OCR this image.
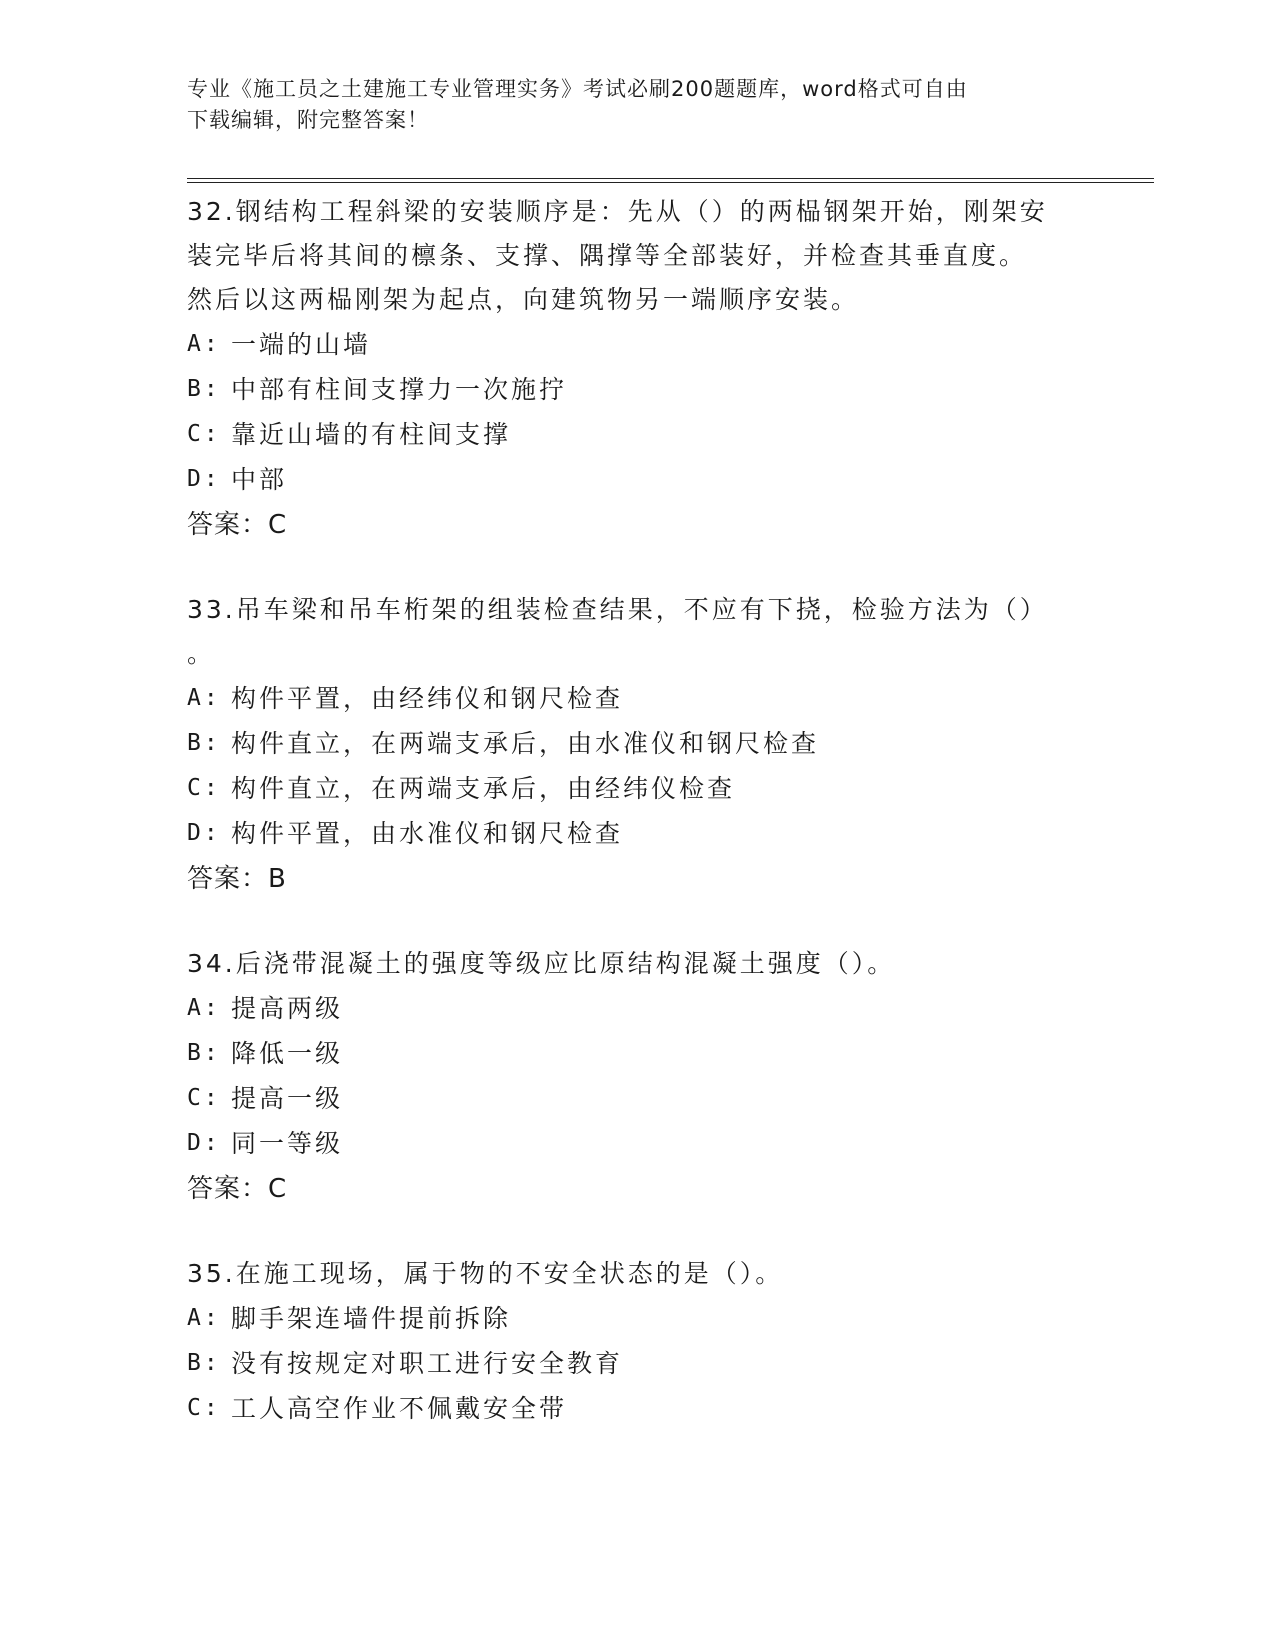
专业《施工员之土建施工专业管理实务》考试必刷200题题库，word格式可自由
下载编辑，附完整答案！

32.钢结构工程斜梁的安装顺序是：先从（）的两榀钢架开始，刚架安
装完毕后将其间的檩条、支撑、隅撑等全部装好，并检查其垂直度。
然后以这两榀刚架为起点，向建筑物另一端顺序安装。

A: 一端的山墙

B: 中部有柱间支撑力一次施拧

C: 靠近山墙的有柱间支撑

D: 中部

答案：C

33.吊车梁和吊车桁架的组装检查结果，不应有下挠，检验方法为（）
。

A: 构件平置，由经纬仪和钢尺检查

B: 构件直立，在两端支承后，由水准仪和钢尺检查

C: 构件直立，在两端支承后，由经纬仪检查

D: 构件平置，由水准仪和钢尺检查

答案：B

34.后浇带混凝土的强度等级应比原结构混凝土强度（）。

A: 提高两级

B: 降低一级

C: 提高一级

D: 同一等级

答案：C

35.在施工现场，属于物的不安全状态的是（）。

A: 脚手架连墙件提前拆除

B: 没有按规定对职工进行安全教育

C: 工人高空作业不佩戴安全带
